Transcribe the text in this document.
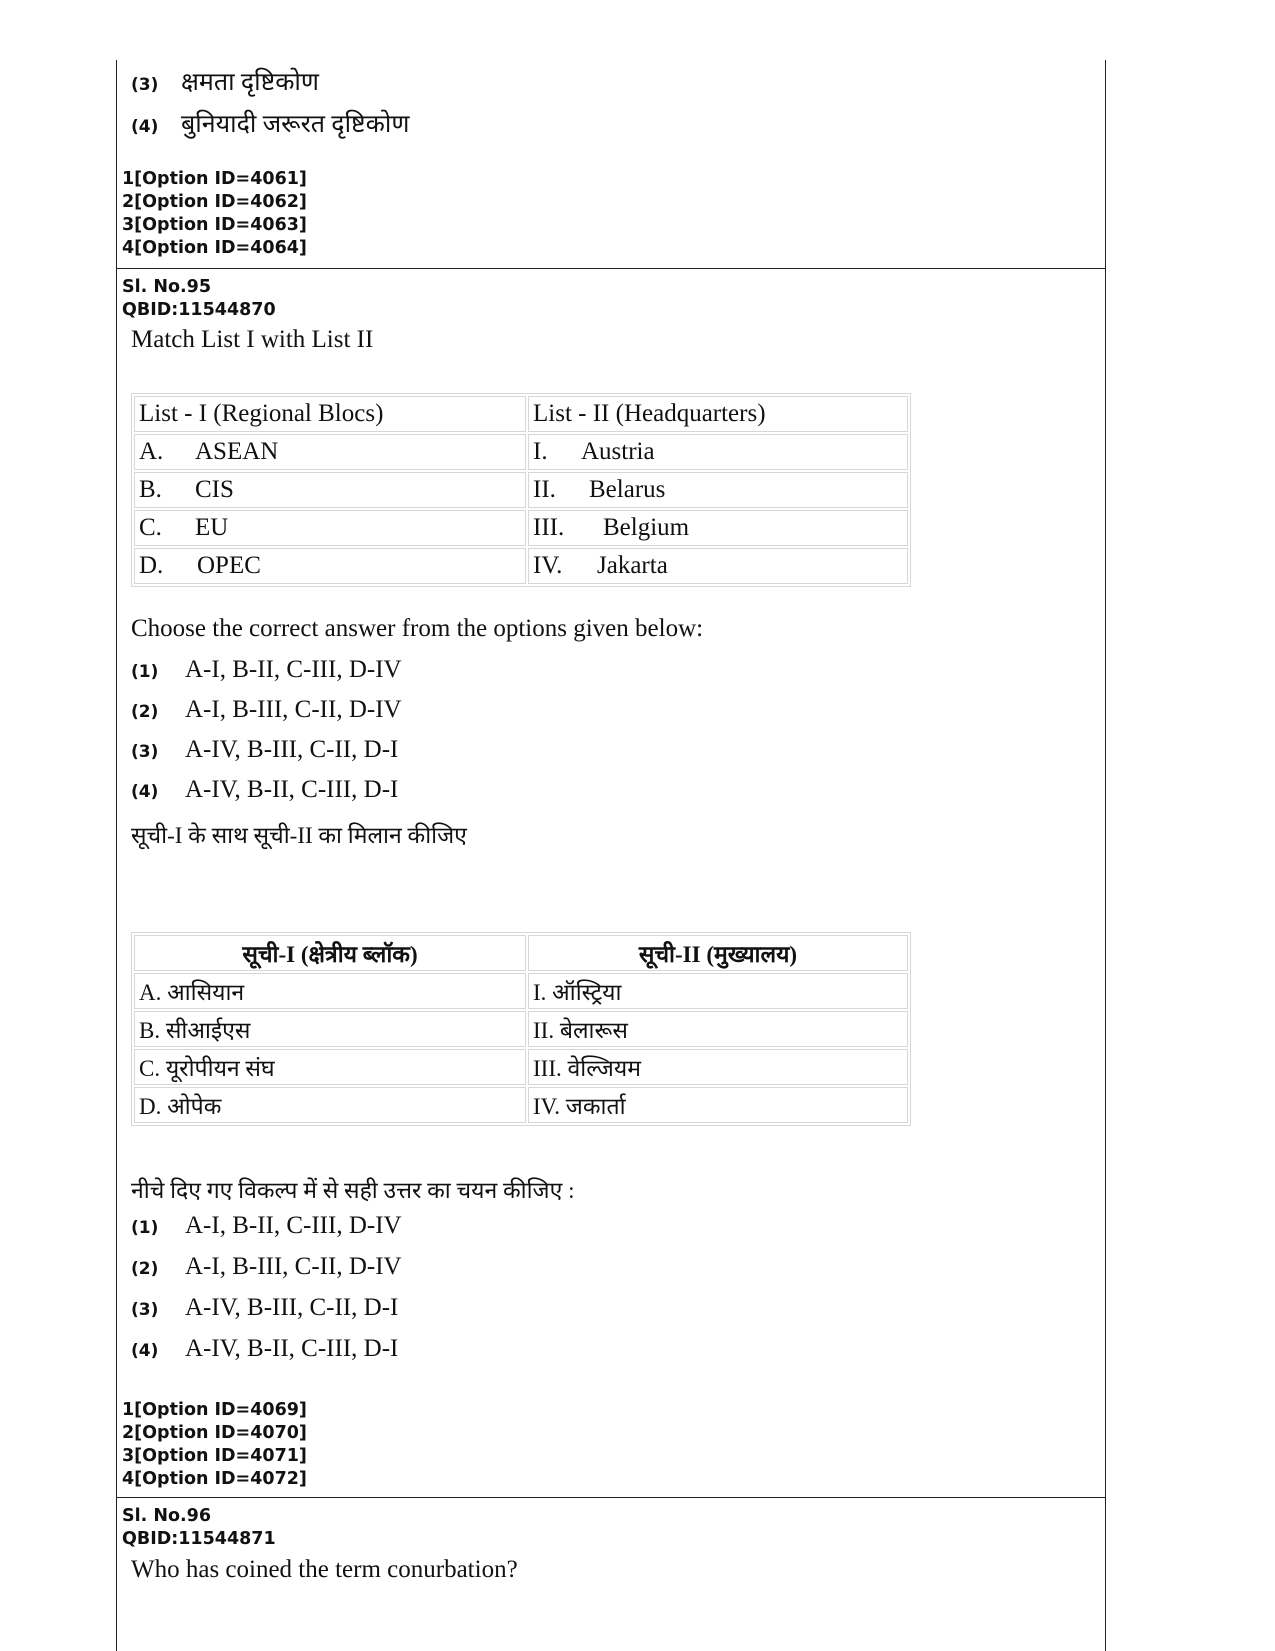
(3) क्षमता दृष्टिकोण
(4) बुनियादी जरूरत दृष्टिकोण
1[Option ID=4061]
2[Option ID=4062]
3[Option ID=4063]
4[Option ID=4064]
Sl. No.95
QBID:11544870
Match List I with List II
List - I (Regional Blocs)	List - II (Headquarters)
A. ASEAN	I. Austria
B. CIS	II. Belarus
C. EU	III. Belgium
D. OPEC	IV. Jakarta
Choose the correct answer from the options given below:
(1) A-I, B-II, C-III, D-IV
(2) A-I, B-III, C-II, D-IV
(3) A-IV, B-III, C-II, D-I
(4) A-IV, B-II, C-III, D-I
सूची-I के साथ सूची-II का मिलान कीजिए
सूची-I (क्षेत्रीय ब्लॉक)	सूची-II (मुख्यालय)
A. आसियान	I. ऑस्ट्रिया
B. सीआईएस	II. बेलारूस
C. यूरोपीयन संघ	III. वेल्जियम
D. ओपेक	IV. जकार्ता
नीचे दिए गए विकल्प में से सही उत्तर का चयन कीजिए :
(1) A-I, B-II, C-III, D-IV
(2) A-I, B-III, C-II, D-IV
(3) A-IV, B-III, C-II, D-I
(4) A-IV, B-II, C-III, D-I
1[Option ID=4069]
2[Option ID=4070]
3[Option ID=4071]
4[Option ID=4072]
Sl. No.96
QBID:11544871
Who has coined the term conurbation?
